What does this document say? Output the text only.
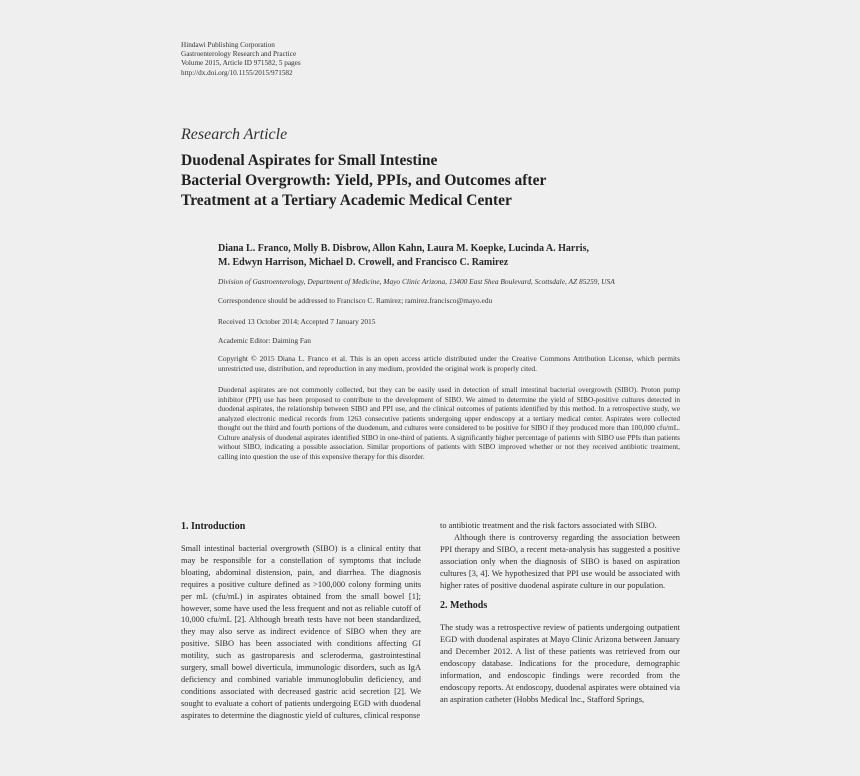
Hindawi Publishing Corporation
Gastroenterology Research and Practice
Volume 2015, Article ID 971582, 5 pages
http://dx.doi.org/10.1155/2015/971582
Research Article
Duodenal Aspirates for Small Intestine
Bacterial Overgrowth: Yield, PPIs, and Outcomes after
Treatment at a Tertiary Academic Medical Center
Diana L. Franco, Molly B. Disbrow, Allon Kahn, Laura M. Koepke, Lucinda A. Harris,
M. Edwyn Harrison, Michael D. Crowell, and Francisco C. Ramirez
Division of Gastroenterology, Department of Medicine, Mayo Clinic Arizona, 13400 East Shea Boulevard, Scottsdale, AZ 85259, USA
Correspondence should be addressed to Francisco C. Ramirez; ramirez.francisco@mayo.edu
Received 13 October 2014; Accepted 7 January 2015
Academic Editor: Daiming Fan
Copyright © 2015 Diana L. Franco et al. This is an open access article distributed under the Creative Commons Attribution License, which permits unrestricted use, distribution, and reproduction in any medium, provided the original work is properly cited.
Duodenal aspirates are not commonly collected, but they can be easily used in detection of small intestinal bacterial overgrowth (SIBO). Proton pump inhibitor (PPI) use has been proposed to contribute to the development of SIBO. We aimed to determine the yield of SIBO-positive cultures detected in duodenal aspirates, the relationship between SIBO and PPI use, and the clinical outcomes of patients identified by this method. In a retrospective study, we analyzed electronic medical records from 1263 consecutive patients undergoing upper endoscopy at a tertiary medical center. Aspirates were collected thought out the third and fourth portions of the duodenum, and cultures were considered to be positive for SIBO if they produced more than 100,000 cfu/mL. Culture analysis of duodenal aspirates identified SIBO in one-third of patients. A significantly higher percentage of patients with SIBO use PPIs than patients without SIBO, indicating a possible association. Similar proportions of patients with SIBO improved whether or not they received antibiotic treatment, calling into question the use of this expensive therapy for this disorder.
1. Introduction

Small intestinal bacterial overgrowth (SIBO) is a clinical entity that may be responsible for a constellation of symptoms that include bloating, abdominal distension, pain, and diarrhea. The diagnosis requires a positive culture defined as >100,000 colony forming units per mL (cfu/mL) in aspirates obtained from the small bowel [1]; however, some have used the less frequent and not as reliable cutoff of 10,000 cfu/mL [2]. Although breath tests have not been standardized, they may also serve as indirect evidence of SIBO when they are positive. SIBO has been associated with conditions affecting GI motility, such as gastroparesis and scleroderma, gastrointestinal surgery, small bowel diverticula, immunologic disorders, such as IgA deficiency and combined variable immunoglobulin deficiency, and conditions associated with decreased gastric acid secretion [2]. We sought to evaluate a cohort of patients undergoing EGD with duodenal aspirates to determine the diagnostic yield of cultures, clinical response

to antibiotic treatment and the risk factors associated with SIBO.

Although there is controversy regarding the association between PPI therapy and SIBO, a recent meta-analysis has suggested a positive association only when the diagnosis of SIBO is based on aspiration cultures [3, 4]. We hypothesized that PPI use would be associated with higher rates of positive duodenal aspirate culture in our population.

2. Methods

The study was a retrospective review of patients undergoing outpatient EGD with duodenal aspirates at Mayo Clinic Arizona between January and December 2012. A list of these patients was retrieved from our endoscopy database. Indications for the procedure, demographic information, and endoscopic findings were recorded from the endoscopy reports. At endoscopy, duodenal aspirates were obtained via an aspiration catheter (Hobbs Medical Inc., Stafford Springs,
